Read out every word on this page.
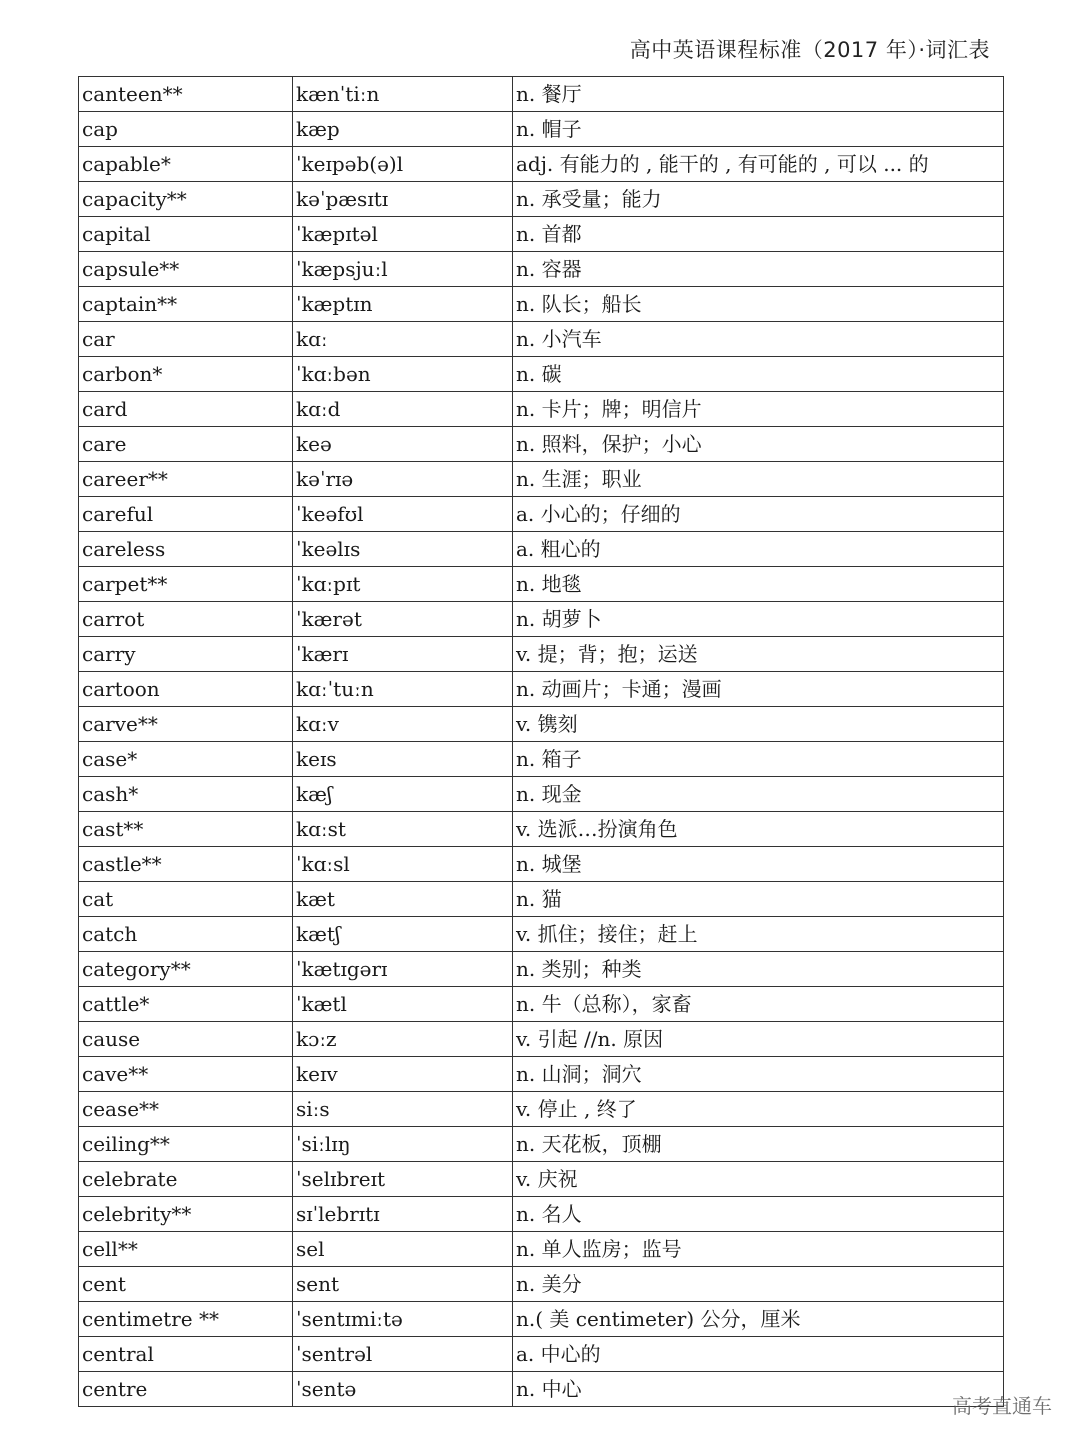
高中英语课程标准（2017 年）·词汇表
canteen**	kænˈtiːn	n. 餐厅
cap	kæp	n. 帽子
capable*	ˈkeɪpəb(ə)l	adj. 有能力的 , 能干的 , 有可能的 , 可以 ... 的
capacity**	kəˈpæsɪtɪ	n. 承受量；能力
capital	ˈkæpɪtəl	n. 首都
capsule**	ˈkæpsjuːl	n. 容器
captain**	ˈkæptɪn	n. 队长；船长
car	kɑː	n. 小汽车
carbon*	ˈkɑːbən	n. 碳
card	kɑːd	n. 卡片；牌；明信片
care	keə	n. 照料，保护；小心
career**	kəˈrɪə	n. 生涯；职业
careful	ˈkeəfʊl	a. 小心的；仔细的
careless	ˈkeəlɪs	a. 粗心的
carpet**	ˈkɑːpɪt	n. 地毯
carrot	ˈkærət	n. 胡萝卜
carry	ˈkærɪ	v. 提；背；抱；运送
cartoon	kɑːˈtuːn	n. 动画片；卡通；漫画
carve**	kɑːv	v. 镌刻
case*	keɪs	n. 箱子
cash*	kæʃ	n. 现金
cast**	kɑːst	v. 选派…扮演角色
castle**	ˈkɑːsl	n. 城堡
cat	kæt	n. 猫
catch	kætʃ	v. 抓住；接住；赶上
category**	ˈkætɪgərɪ	n. 类别；种类
cattle*	ˈkætl	n. 牛（总称），家畜
cause	kɔːz	v. 引起 //n. 原因
cave**	keɪv	n. 山洞；洞穴
cease**	siːs	v. 停止 , 终了
ceiling**	ˈsiːlɪŋ	n. 天花板，顶棚
celebrate	ˈselɪbreɪt	v. 庆祝
celebrity**	sɪˈlebrɪtɪ	n. 名人
cell**	sel	n. 单人监房；监号
cent	sent	n. 美分
centimetre **	ˈsentɪmiːtə	n.( 美 centimeter) 公分，厘米
central	ˈsentrəl	a. 中心的
centre	ˈsentə	n. 中心
高考直通车
